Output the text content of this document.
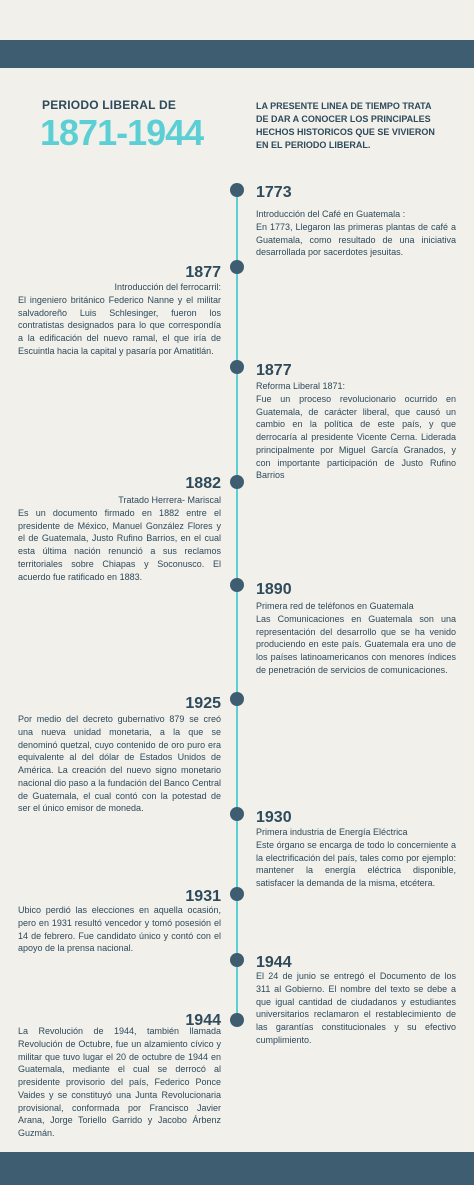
PERIODO LIBERAL DE
1871-1944
LA PRESENTE LINEA DE TIEMPO TRATA DE DAR A CONOCER LOS PRINCIPALES HECHOS HISTORICOS QUE SE VIVIERON EN EL PERIODO LIBERAL.
1773
Introducción del Café en Guatemala :
En 1773, Llegaron las primeras plantas de café a Guatemala, como resultado de una iniciativa desarrollada por sacerdotes jesuitas.
1877
Introducción del ferrocarril:
El ingeniero británico Federico Nanne y el militar salvadoreño Luis Schlesinger, fueron los contratistas designados para lo que correspondía a la edificación del nuevo ramal, el que iría de Escuintla hacia la capital y pasaría por Amatitlán.
1877
Reforma Liberal 1871:
Fue un proceso revolucionario ocurrido en Guatemala, de carácter liberal, que causó un cambio en la política de este país, y que derrocaría al presidente Vicente Cerna. Liderada principalmente por Miguel García Granados, y con importante participación de Justo Rufino Barrios
1882
Tratado Herrera- Mariscal
Es un documento firmado en 1882 entre el presidente de México, Manuel González Flores y el de Guatemala, Justo Rufino Barrios, en el cual esta última nación renunció a sus reclamos territoriales sobre Chiapas y Soconusco. El acuerdo fue ratificado en 1883.
1890
Primera red de teléfonos en Guatemala
Las Comunicaciones en Guatemala son una representación del desarrollo que se ha venido produciendo en este país. Guatemala era uno de los países latinoamericanos con menores índices de penetración de servicios de comunicaciones.
1925
Por medio del decreto gubernativo 879 se creó una nueva unidad monetaria, a la que se denominó quetzal, cuyo contenido de oro puro era equivalente al del dólar de Estados Unidos de América. La creación del nuevo signo monetario nacional dio paso a la fundación del Banco Central de Guatemala, el cual contó con la potestad de ser el único emisor de moneda.
1930
Primera industria de Energía Eléctrica
Este órgano se encarga de todo lo concerniente a la electrificación del país, tales como por ejemplo: mantener la energía eléctrica disponible, satisfacer la demanda de la misma, etcétera.
1931
Ubico perdió las elecciones en aquella ocasión, pero en 1931 resultó vencedor y tomó posesión el 14 de febrero. Fue candidato único y contó con el apoyo de la prensa nacional.
1944
El 24 de junio se entregó el Documento de los 311 al Gobierno. El nombre del texto se debe a que igual cantidad de ciudadanos y estudiantes universitarios reclamaron el restablecimiento de las garantías constitucionales y su efectivo cumplimiento.
1944
La Revolución de 1944, también llamada Revolución de Octubre, fue un alzamiento cívico y militar que tuvo lugar el 20 de octubre de 1944 en Guatemala, mediante el cual se derrocó al presidente provisorio del país, Federico Ponce Vaides y se constituyó una Junta Revolucionaria provisional, conformada por Francisco Javier Arana, Jorge Toriello Garrido y Jacobo Árbenz Guzmán.
